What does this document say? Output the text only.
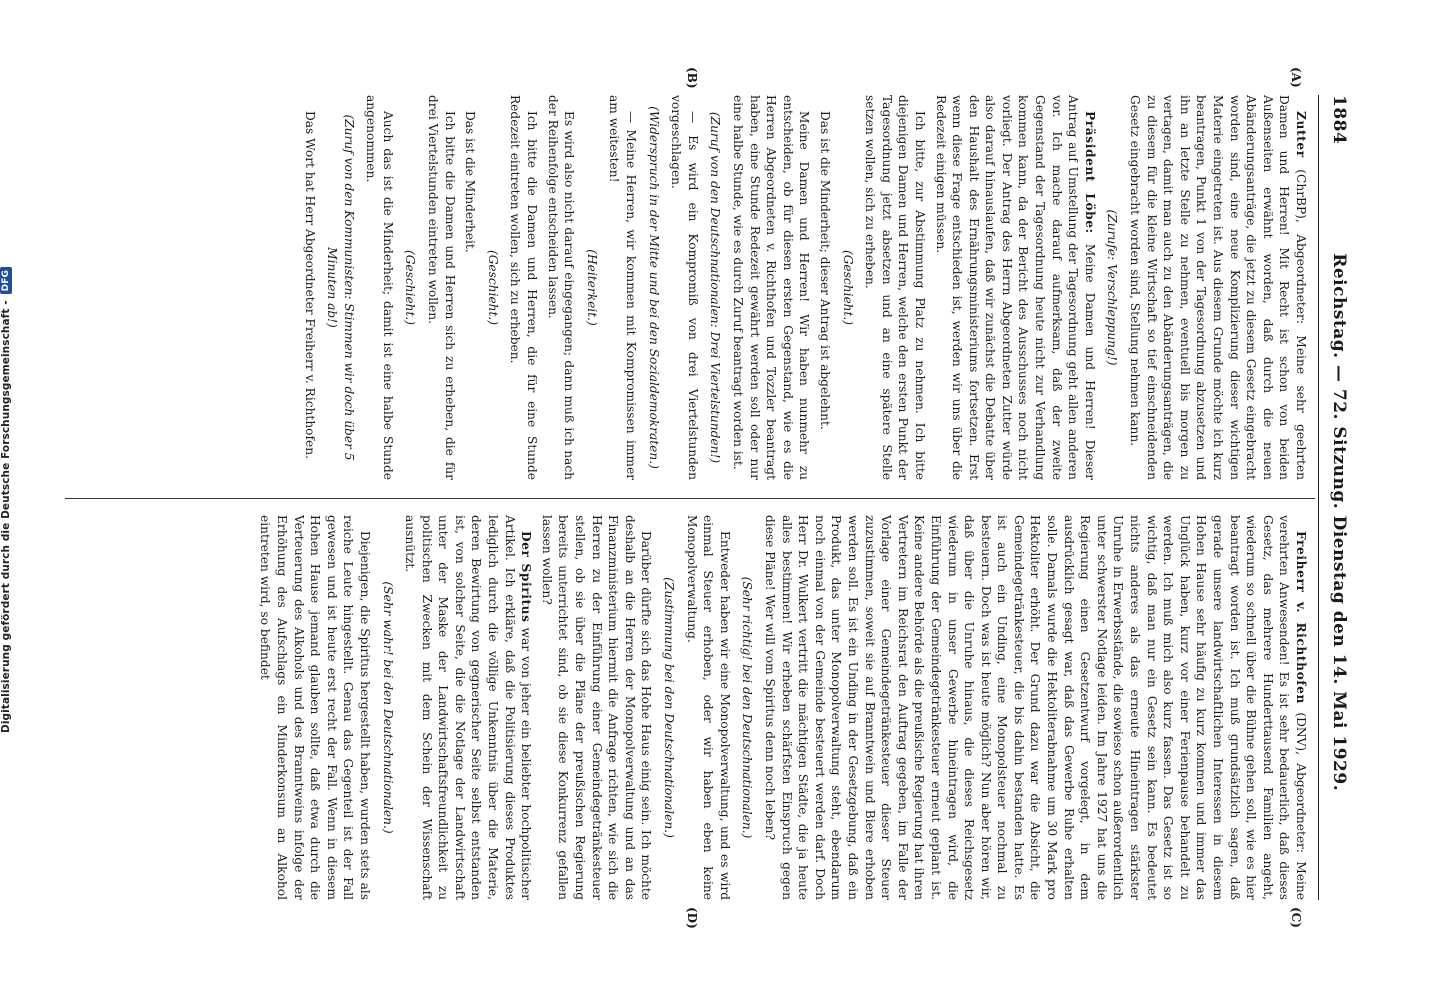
1884
Reichstag. — 72. Sitzung. Dienstag den 14. Mai 1929.
(A)
(B)
(C)
(D)

Zutter (ChrBP), Abgeordneter: Meine sehr geehrten Damen und Herren! Mit Recht ist schon von beiden Außenseiten erwähnt worden, daß durch die neuen Abänderungsanträge, die jetzt zu diesem Gesetz eingebracht worden sind, eine neue Komplizierung dieser wichtigen Materie eingetreten ist. Aus diesem Grunde möchte ich kurz beantragen, Punkt 1 von der Tagesordnung abzusetzen und ihn an letzte Stelle zu nehmen, eventuell bis morgen zu vertagen, damit man auch zu den Abänderungsanträgen, die zu diesem für die kleine Wirtschaft so tief einschneidenden Gesetz eingebracht worden sind, Stellung nehmen kann.

(Zurufe: Verschleppung!)

Präsident Löbe: Meine Damen und Herren! Dieser Antrag auf Umstellung der Tagesordnung geht allen anderen vor. Ich mache darauf aufmerksam, daß der zweite Gegenstand der Tagesordnung heute nicht zur Verhandlung kommen kann, da der Bericht des Ausschusses noch nicht vorliegt. Der Antrag des Herrn Abgeordneten Zutter würde also darauf hinauslaufen, daß wir zunächst die Debatte über den Haushalt des Ernährungsministeriums fortsetzen. Erst wenn diese Frage entschieden ist, werden wir uns über die Redezeit einigen müssen.

Ich bitte, zur Abstimmung Platz zu nehmen. Ich bitte diejenigen Damen und Herren, welche den ersten Punkt der Tagesordnung jetzt absetzen und an eine spätere Stelle setzen wollen, sich zu erheben.

(Geschieht.)

Das ist die Minderheit; dieser Antrag ist abgelehnt.

Meine Damen und Herren! Wir haben nunmehr zu entscheiden, ob für diesen ersten Gegenstand, wie es die Herren Abgeordneten v. Richthofen und Tozzler beantragt haben, eine Stunde Redezeit gewährt werden soll oder nur eine halbe Stunde, wie es durch Zuruf beantragt worden ist.

(Zuruf von den Deutschnationalen: Drei Viertelstunden!)

— Es wird ein Kompromiß von drei Viertelstunden vorgeschlagen.

(Widerspruch in der Mitte und bei den Sozialdemokraten.)

— Meine Herren, wir kommen mit Kompromissen immer am weitesten!

(Heiterkeit.)

Es wird also nicht darauf eingegangen; dann muß ich nach der Reihenfolge entscheiden lassen.

Ich bitte die Damen und Herren, die für eine Stunde Redezeit eintreten wollen, sich zu erheben.

(Geschieht.)

Das ist die Minderheit.

Ich bitte die Damen und Herren sich zu erheben, die für drei Viertelstunden eintreten wollen.

(Geschieht.)

Auch das ist die Minderheit; damit ist eine halbe Stunde angenommen.

(Zuruf von den Kommunisten: Stimmen wir doch über 5 Minuten ab!)

Das Wort hat Herr Abgeordneter Freiherr v. Richthofen.

Freiherr v. Richthofen (DNV), Abgeordneter: Meine verehrten Anwesenden! Es ist sehr bedauerlich, daß dieses Gesetz, das mehrere Hunderttausend Familien angeht, wiederum so schnell über die Bühne gehen soll, wie es hier beantragt worden ist. Ich muß grundsätzlich sagen, daß gerade unsere landwirtschaftlichen Interessen in diesem Hohen Hause sehr häufig zu kurz kommen und immer das Unglück haben, kurz vor einer Ferienpause behandelt zu werden. Ich muß mich also kurz fassen. Das Gesetz ist so wichtig, daß man nur ein Gesetz sein kann. Es bedeutet nichts anderes als das erneute Hineintragen stärkster Unruhe in Erwerbsstände, die sowieso schon außerordentlich unter schwerster Notlage leiden. Im Jahre 1927 hat uns die Regierung einen Gesetzentwurf vorgelegt, in dem ausdrücklich gesagt war, daß das Gewerbe Ruhe erhalten solle. Damals wurde die Hektoliterabnahme um 30 Mark pro Hektoliter erhöht. Der Grund dazu war die Absicht, die Gemeindegetränkesteuer, die bis dahin bestanden hatte. Es ist auch ein Unding, eine Monopolsteuer nochmal zu besteuern. Doch was ist heute möglich? Nun aber hören wir, daß über die Unruhe hinaus, die dieses Reichsgesetz wiederum in unser Gewerbe hineintragen wird, die Einführung der Gemeindegetränkesteuer erneut geplant ist. Keine andere Behörde als die preußische Regierung hat ihren Vertretern im Reichsrat den Auftrag gegeben, im Falle der Vorlage einer Gemeindegetränkesteuer dieser Steuer zuzustimmen, soweit sie auf Branntwein und Biere erhoben werden soll. Es ist ein Unding in der Gesetzgebung, daß ein Produkt, das unter Monopolverwaltung steht, ebendarum noch einmal von der Gemeinde besteuert werden darf. Doch Herr Dr. Wulkert vertritt die mächtigen Städte, die ja heute alles bestimmen! Wir erheben schärfsten Einspruch gegen diese Pläne! Wer will vom Spiritus denn noch leben?

(Sehr richtig! bei den Deutschnationalen.)

Entweder haben wir eine Monopolverwaltung, und es wird einmal Steuer erhoben, oder wir haben eben keine Monopolverwaltung.

(Zustimmung bei den Deutschnationalen.)

Darüber dürfte sich das Hohe Haus einig sein. Ich möchte deshalb an die Herren der Monopolverwaltung und an das Finanzministerium hiermit die Anfrage richten, wie sich die Herren zu der Einführung einer Gemeindegetränkesteuer stellen, ob sie über die Pläne der preußischen Regierung bereits unterrichtet sind, ob sie diese Konkurrenz gefallen lassen wollen?

Der Spiritus war von jeher ein beliebter hochpolitischer Artikel. Ich erkläre, daß die Politisierung dieses Produktes lediglich durch die völlige Unkenntnis über die Materie, deren Bewirtung von gegnerischer Seite selbst entstanden ist, von solcher Seite, die die Notlage der Landwirtschaft unter der Maske der Landwirtschaftsfreundlichkeit zu politischen Zwecken mit dem Schein der Wissenschaft ausnützt.

(Sehr wahr! bei den Deutschnationalen.)

Diejenigen, die Spiritus hergestellt haben, wurden stets als reiche Leute hingestellt. Genau das Gegenteil ist der Fall gewesen und ist heute erst recht der Fall. Wenn in diesem Hohen Hause jemand glauben sollte, daß etwa durch die Verteuerung des Alkohols und des Branntweins infolge der Erhöhung des Aufschlags ein Minderkonsum an Alkohol eintreten wird, so befindet

Digitalisierung gefördert durch die Deutsche Forschungsgemeinschaft -DFG
